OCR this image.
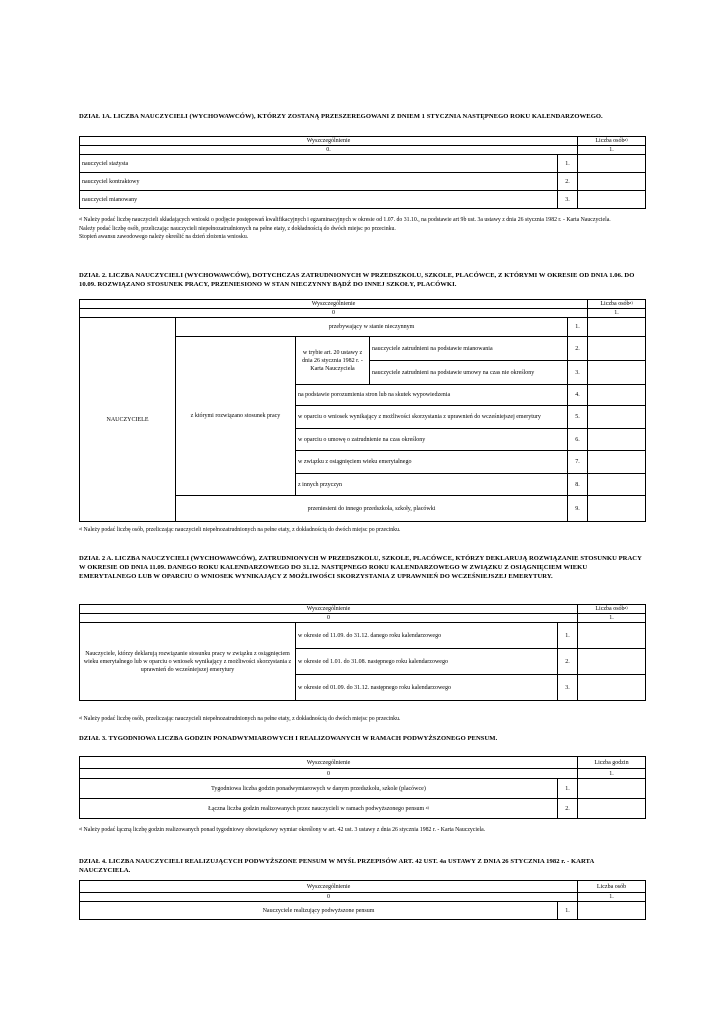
DZIAŁ 1A. LICZBA NAUCZYCIELI (WYCHOWAWCÓW), KTÓRZY ZOSTANĄ PRZESZEREGOWANI Z DNIEM 1 STYCZNIA NASTĘPNEGO ROKU KALENDARZOWEGO.
Wyszczególnienie		Liczba osób$^{a)}$
0.		1.
nauczyciel stażysta	1.	
nauczyciel kontraktowy	2.	
nauczyciel mianowany	3.	
$^{a)}$ Należy podać liczbę nauczycieli składających wnioski o podjęcie postępowań kwalifikacyjnych i egzaminacyjnych w okresie od 1.07. do 31.10., na podstawie art 9b ust. 3a ustawy z dnia 26 stycznia 1982 r. - Karta Nauczyciela.
Należy podać liczbę osób, przeliczając nauczycieli niepełnozatrudnionych na pełne etaty, z dokładnością do dwóch miejsc po przecinku.
Stopień awansu zawodowego należy określić na dzień złożenia wniosku.
DZIAŁ 2. LICZBA NAUCZYCIELI (WYCHOWAWCÓW), DOTYCHCZAS ZATRUDNIONYCH W PRZEDSZKOLU, SZKOLE, PLACÓWCE, Z KTÓRYMI W OKRESIE OD DNIA 1.06. DO 10.09. ROZWIĄZANO STOSUNEK PRACY, PRZENIESIONO W STAN NIECZYNNY BĄDŹ DO INNEJ SZKOŁY, PLACÓWKI.
Wyszczególnienie					Liczba osób$^{a)}$
0					1.
NAUCZYCIELE	przebywający w stanie nieczynnym			1.	
	z którymi rozwiązano stosunek pracy	w trybie art. 20 ustawy z dnia 26 stycznia 1982 r. - Karta Nauczyciela	nauczyciele zatrudnieni na podstawie mianowania	2.	
			nauczyciele zatrudnieni na podstawie umowy na czas nie określony	3.	
		na podstawie porozumienia stron lub na skutek wypowiedzenia		4.	
		w oparciu o wniosek wynikający z możliwości skorzystania z uprawnień do wcześniejszej emerytury		5.	
		w oparciu o umowę o zatrudnienie na czas określony		6.	
		w związku z osiągnięciem wieku emerytalnego		7.	
		z innych przyczyn		8.	
	przeniesieni do innego przedszkola, szkoły, placówki			9.	
$^{a)}$ Należy podać liczbę osób, przeliczając nauczycieli niepełnozatrudnionych na pełne etaty, z dokładnością do dwóch miejsc po przecinku.
DZIAŁ 2 A. LICZBA NAUCZYCIELI (WYCHOWAWCÓW), ZATRUDNIONYCH W PRZEDSZKOLU, SZKOLE, PLACÓWCE, KTÓRZY DEKLARUJĄ ROZWIĄZANIE STOSUNKU PRACY W OKRESIE OD DNIA 11.09. DANEGO ROKU KALENDARZOWEGO DO 31.12. NASTĘPNEGO ROKU KALENDARZOWEGO W ZWIĄZKU Z OSIĄGNIĘCIEM WIEKU EMERYTALNEGO LUB W OPARCIU O WNIOSEK WYNIKAJĄCY Z MOŻLIWOŚCI SKORZYSTANIA Z UPRAWNIEŃ DO WCZEŚNIEJSZEJ EMERYTURY.
Wyszczególnienie			Liczba osób$^{a)}$
0			1.
Nauczyciele, którzy deklarują rozwiązanie stosunku pracy w związku z osiągnięciem wieku emerytalnego lub w oparciu o wniosek wynikający z możliwości skorzystania z uprawnień do wcześniejszej emerytury	w okresie od 11.09. do 31.12. danego roku kalendarzowego	1.	
	w okresie od 1.01. do 31.08. następnego roku kalendarzowego	2.	
	w okresie od 01.09. do 31.12. następnego roku kalendarzowego	3.	
$^{a)}$ Należy podać liczbę osób, przeliczając nauczycieli niepełnozatrudnionych na pełne etaty, z dokładnością do dwóch miejsc po przecinku.
DZIAŁ 3. TYGODNIOWA LICZBA GODZIN PONADWYMIAROWYCH I REALIZOWANYCH W RAMACH PODWYŻSZONEGO PENSUM.
Wyszczególnienie		Liczba godzin
0		1.
Tygodniowa liczba godzin ponadwymiarowych w danym przedszkolu, szkole (placówce)	1.	
Łączna liczba godzin realizowanych przez nauczycieli w ramach podwyższonego pensum $^{a)}$	2.	
$^{a)}$ Należy podać łączną liczbę godzin realizowanych ponad tygodniowy obowiązkowy wymiar określony w art. 42 ust. 3 ustawy z dnia 26 stycznia 1982 r. - Karta Nauczyciela.
DZIAŁ 4. LICZBA NAUCZYCIELI REALIZUJĄCYCH PODWYŻSZONE PENSUM W MYŚL PRZEPISÓW ART. 42 UST. 4a USTAWY Z DNIA 26 STYCZNIA 1982 r. - KARTA NAUCZYCIELA.
Wyszczególnienie		Liczba osób
0		1.
Nauczyciele realizujący podwyższone pensum	1.	
